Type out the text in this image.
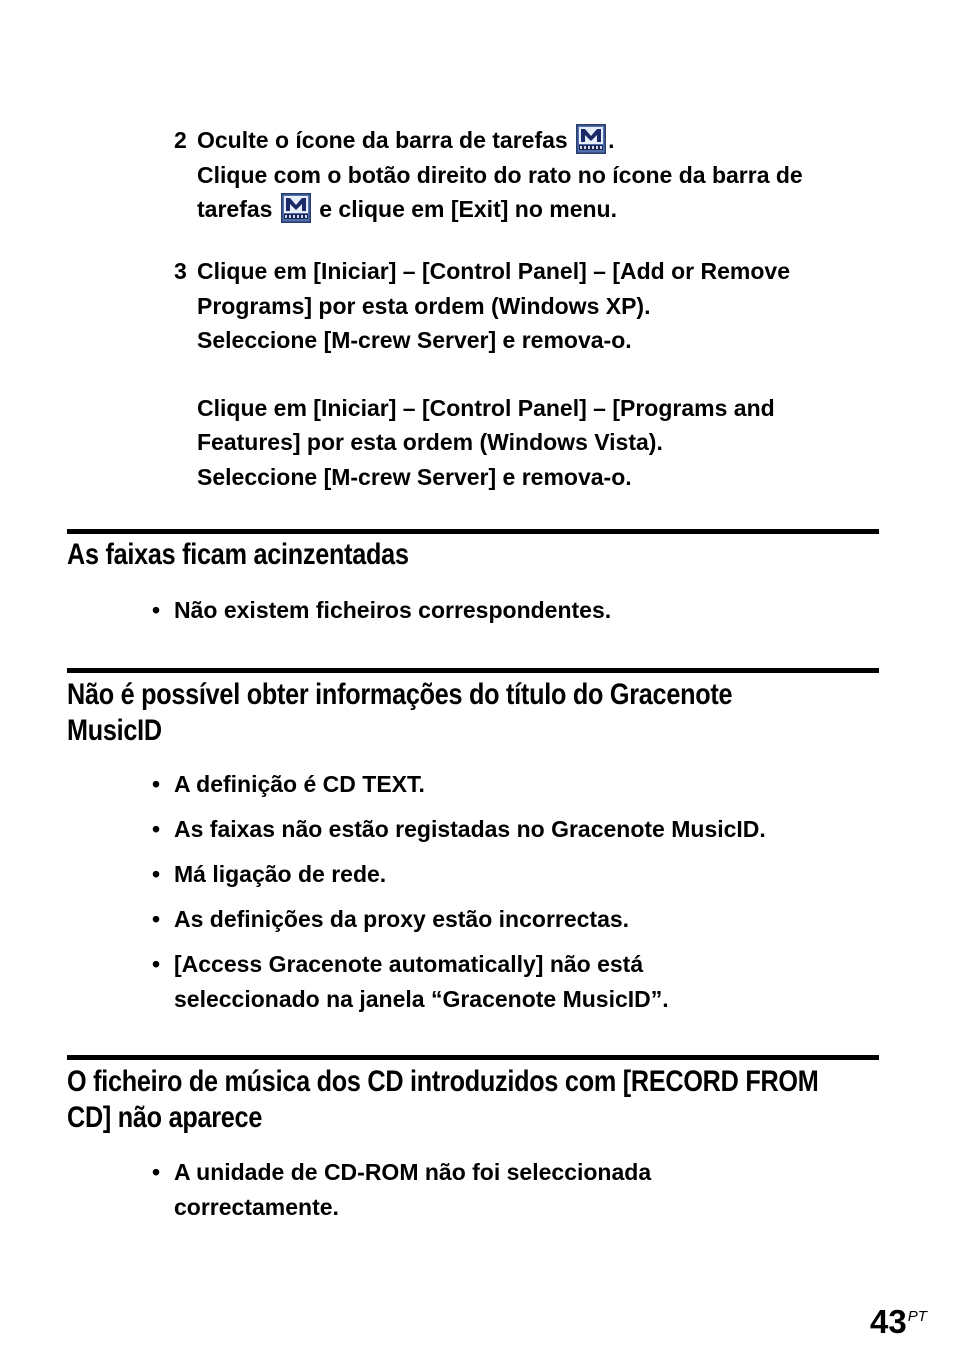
2 Oculte o ícone da barra de tarefas .
Clique com o botão direito do rato no ícone da barra de
tarefas e clique em [Exit] no menu.
3 Clique em [Iniciar] – [Control Panel] – [Add or Remove
Programs] por esta ordem (Windows XP).
Seleccione [M-crew Server] e remova-o.
Clique em [Iniciar] – [Control Panel] – [Programs and
Features] por esta ordem (Windows Vista).
Seleccione [M-crew Server] e remova-o.
As faixas ficam acinzentadas
• Não existem ficheiros correspondentes.
Não é possível obter informações do título do Gracenote
MusicID
• A definição é CD TEXT.
• As faixas não estão registadas no Gracenote MusicID.
• Má ligação de rede.
• As definições da proxy estão incorrectas.
• [Access Gracenote automatically] não está
seleccionado na janela “Gracenote MusicID”.
O ficheiro de música dos CD introduzidos com [RECORD FROM
CD] não aparece
• A unidade de CD-ROM não foi seleccionada
correctamente.
$43^{PT}$
